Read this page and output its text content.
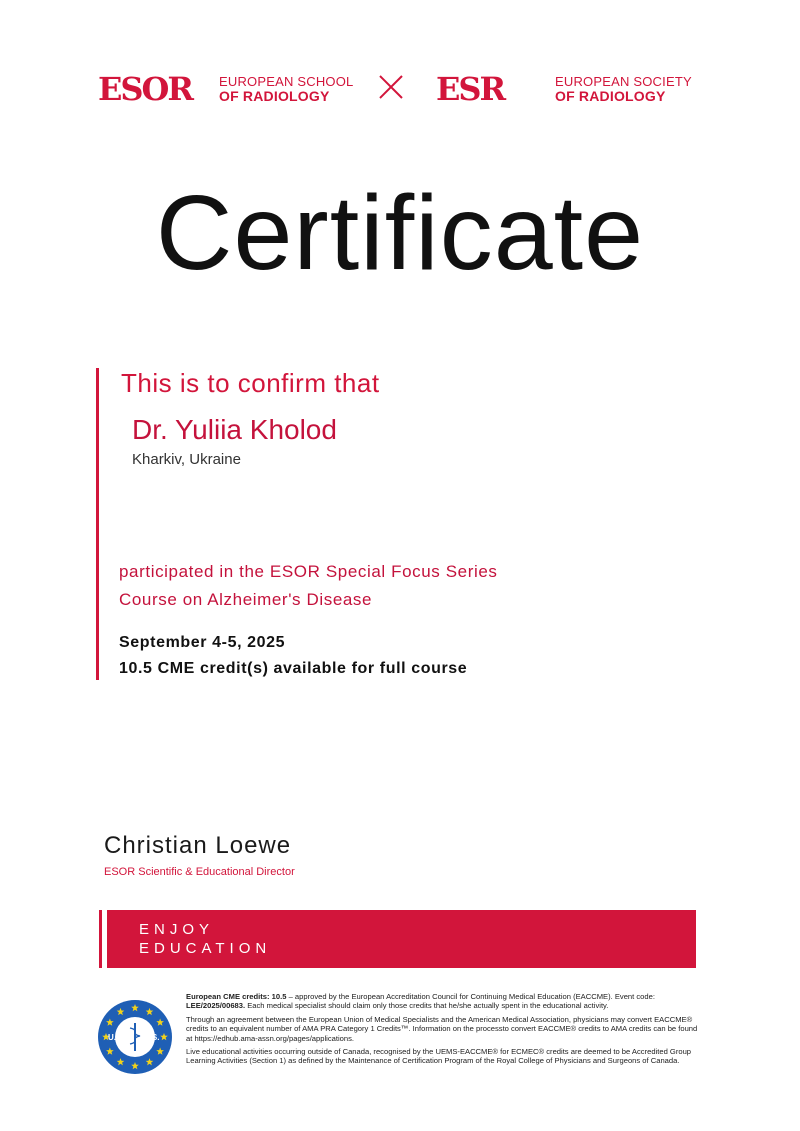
ESOR EUROPEAN SCHOOL
OF RADIOLOGY	ESR	EUROPEAN SOCIETY
OF RADIOLOGY
Certificate
This is to confirm that
Dr. Yuliia Kholod
Kharkiv, Ukraine
participated in the ESOR Special Focus Series
Course on Alzheimer's Disease
September 4-5, 2025
10.5 CME credit(s) available for full course
Christian Loewe
ESOR Scientific & Educational Director
ENJOY
EDUCATION
U.E. M.S.

European CME credits: 10.5 – approved by the European Accreditation Council for Continuing Medical Education (EACCME). Event code: LEE/2025/00683. Each medical specialist should claim only those credits that he/she actually spent in the educational activity.

Through an agreement between the European Union of Medical Specialists and the American Medical Association, physicians may convert EACCME® credits to an equivalent number of AMA PRA Category 1 Credits™. Information on the processto convert EACCME® credits to AMA credits can be found at https://edhub.ama-assn.org/pages/applications.

Live educational activities occurring outside of Canada, recognised by the UEMS-EACCME® for ECMEC® credits are deemed to be Accredited Group Learning Activities (Section 1) as defined by the Maintenance of Certification Program of the Royal College of Physicians and Surgeons of Canada.
